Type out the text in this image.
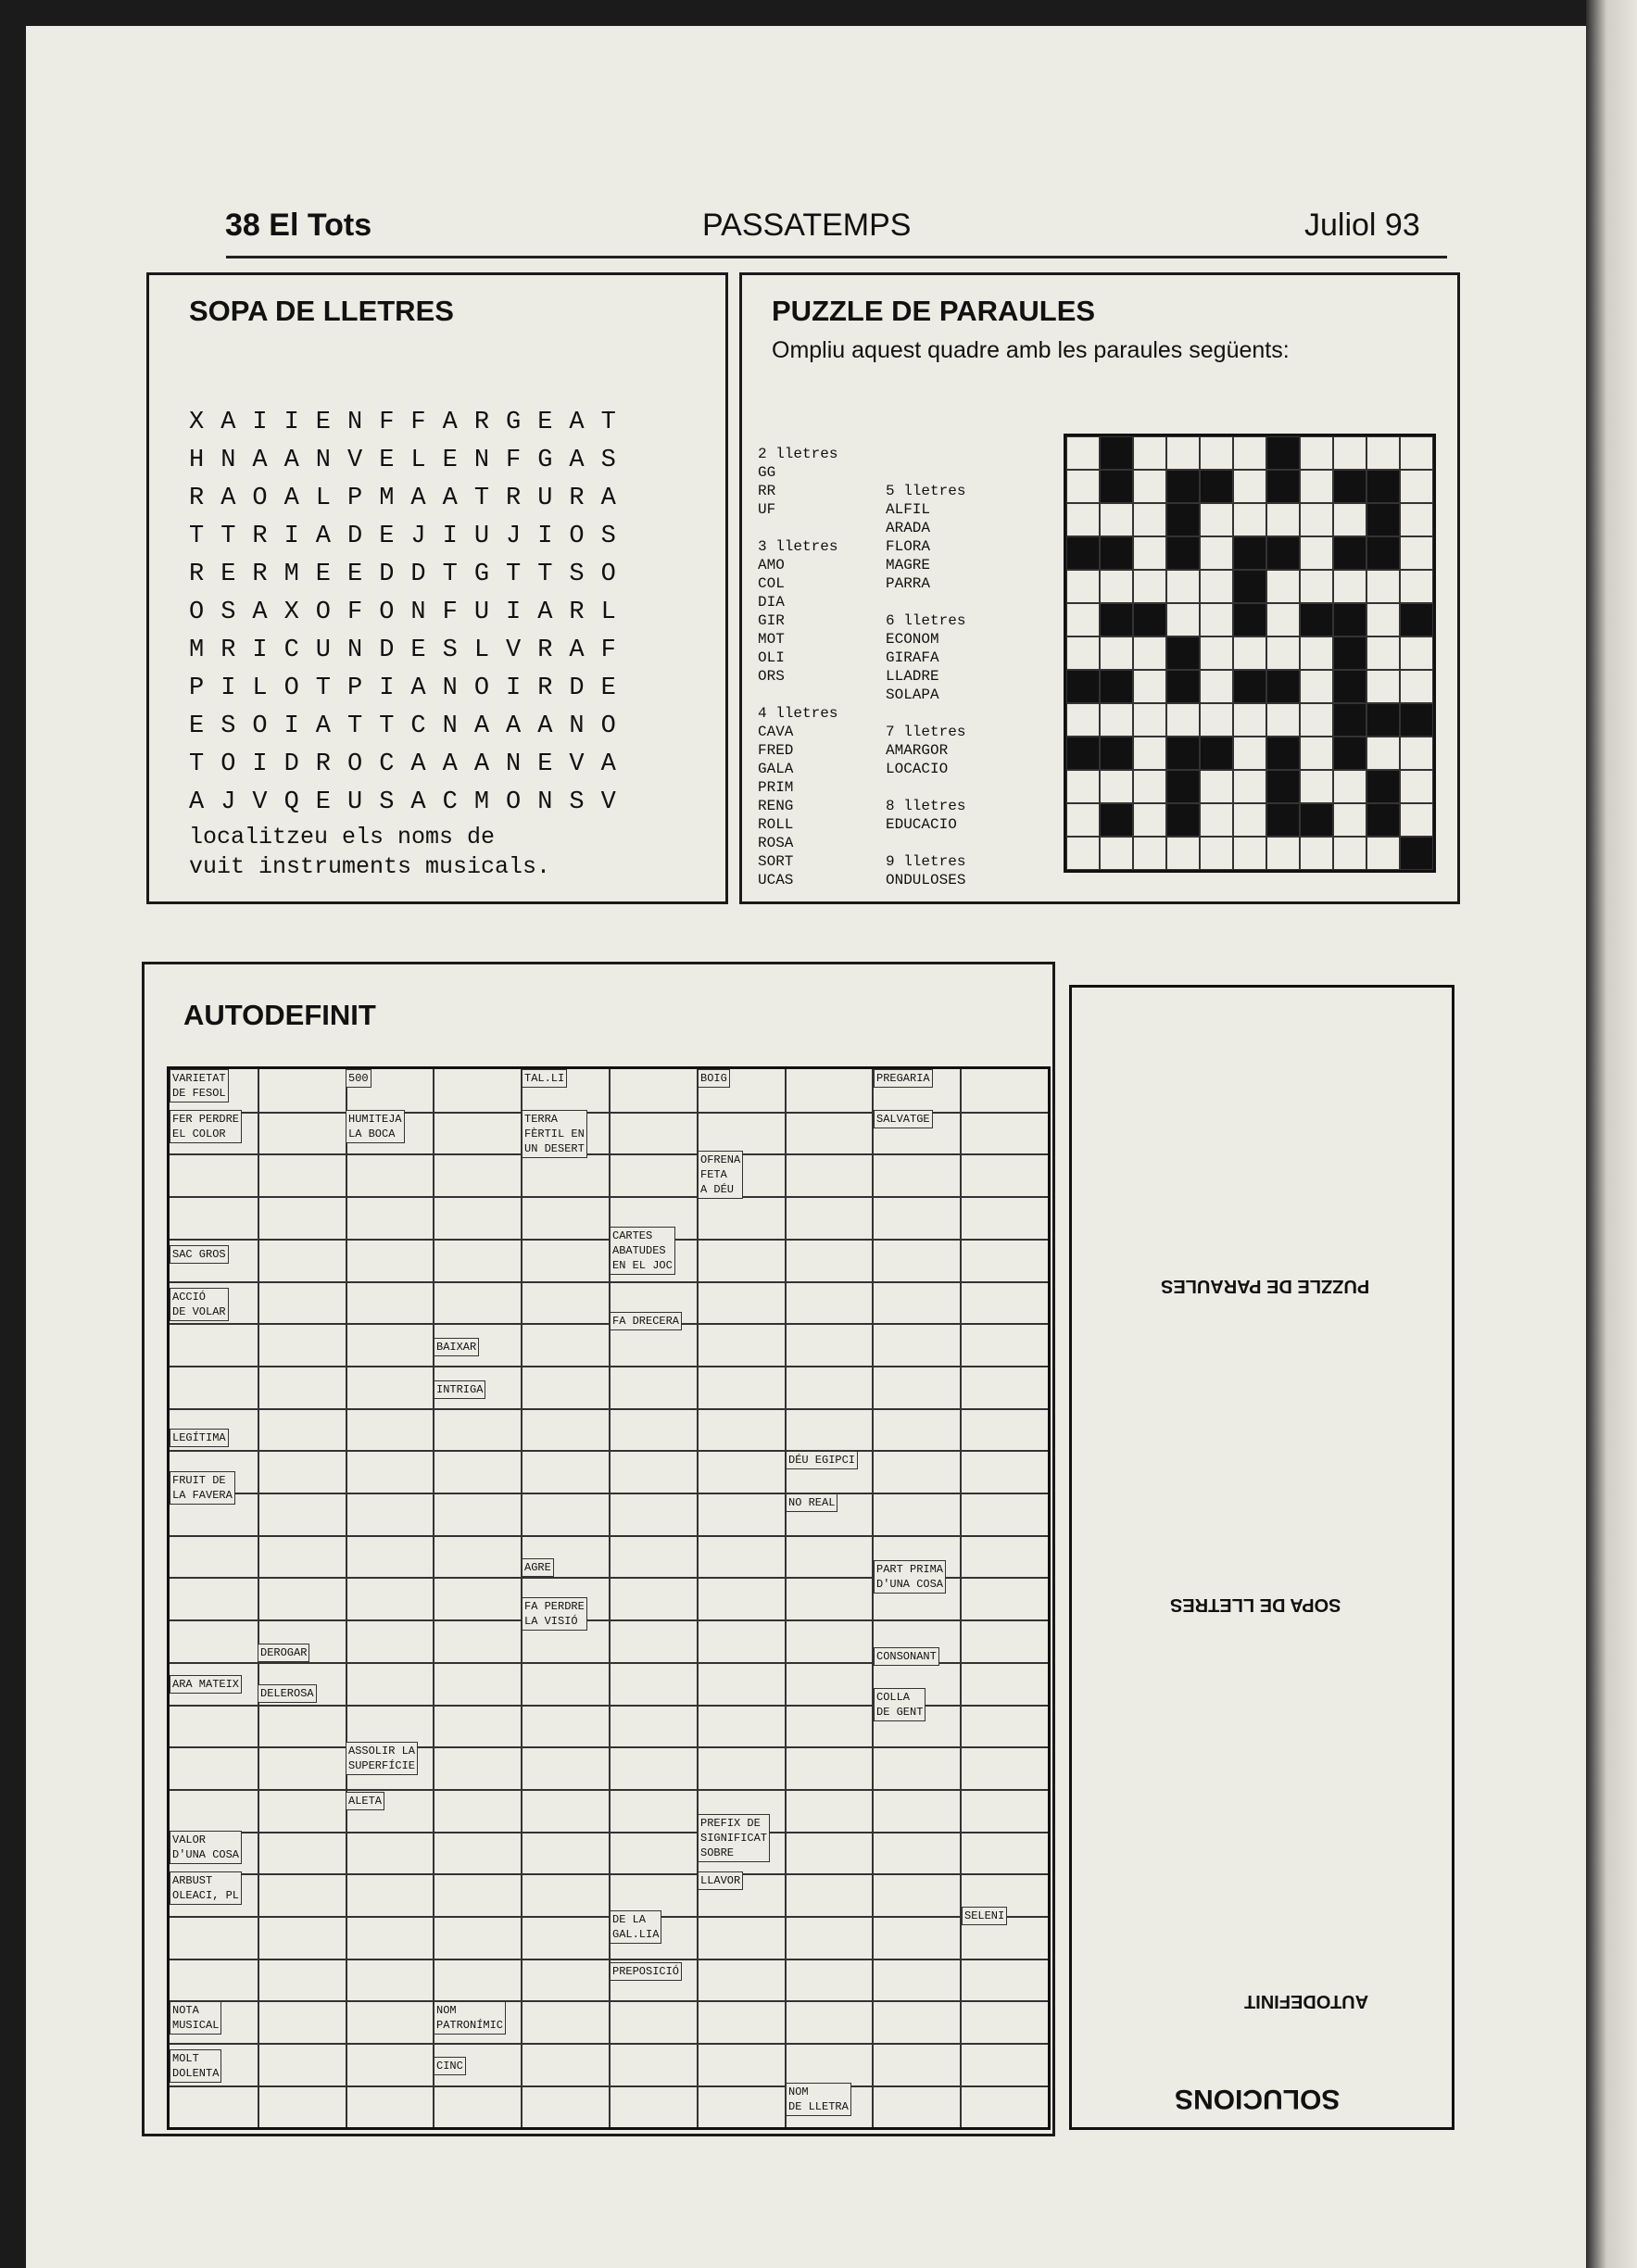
38 El Tots	PASSATEMPS	Juliol 93
SOPA DE LLETRES
XAIIENFFARGEAT
HNAANVELENFGAS
RAOALPMAATRURA
TTRIADEJIUJIOS
RERMEEDDTGTTSO
OSAXOFONFUIARL
MRICUNDESLVRAF
PILOTPIANOIRDE
ESOIATTCNAAANO
TOIDROCAAANEVA
AJVQEUSACMONSV
localitzeu els noms de
vuit instruments musicals.
PUZZLE DE PARAULES
Ompliu aquest quadre amb les paraules següents:
2 lletres
GG
RR
UF

3 lletres
AMO
COL
DIA
GIR
MOT
OLI
ORS

4 lletres
CAVA
FRED
GALA
PRIM
RENG
ROLL
ROSA
SORT
UCAS

5 lletres
ALFIL
ARADA
FLORA
MAGRE
PARRA

6 lletres
ECONOM
GIRAFA
LLADRE
SOLAPA

7 lletres
AMARGOR
LOCACIO

8 lletres
EDUCACIO

9 lletres
ONDULOSES
AUTODEFINIT
VARIETAT
DE FESOL
500	TAL.LI	BOIG
FER PERDRE
EL COLOR
HUMITEJA
LA BOCA
TERRA
FÈRTIL EN
UN DESERT
OFRENA
FETA
A DÉU
PREGARIA
SALVATGE
SAC GROS
CARTES
ABATUDES
EN EL JOC
ACCIÓ
DE VOLAR
FA DRECERA
BAIXAR
INTRIGA
LEGÍTIMA
DÉU EGIPCI
FRUIT DE
LA FAVERA
NO REAL
AGRE
FA PERDRE
LA VISIÓ
PART PRIMA
D'UNA COSA
DEROGAR	CONSONANT
ARA MATEIX
DELEROSA	COLLA
DE GENT
ASSOLIR LA
SUPERFÍCIE
ALETA
VALOR
D'UNA COSA
PREFIX DE
SIGNIFICAT
SOBRE
ARBUST
OLEACI, PL
LLAVOR
DE LA
GAL.LIA
SELENI
PREPOSICIÓ
NOTA
MUSICAL
NOM
PATRONÍMIC
MOLT
DOLENTA
CINC
NOM
DE LLETRA	SOLUCIONS
AUTODEFINIT
SOPA DE LLETRES
PUZZLE DE PARAULES
